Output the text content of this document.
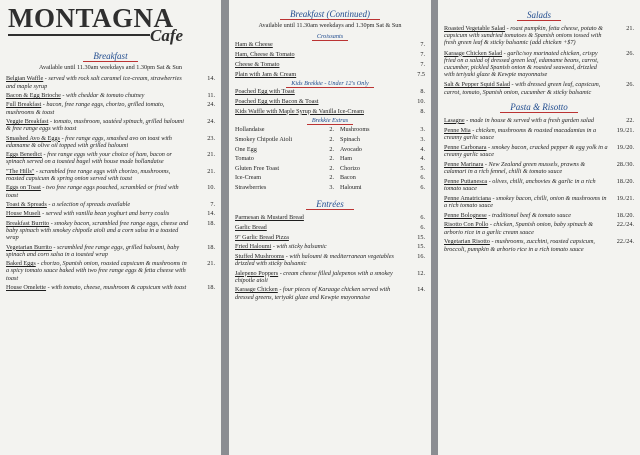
MONTAGNA
Cafe
Breakfast
Available until 11.30am weekdays and 1.30pm Sat & Sun
Belgian Waffle - served with rock salt caramel ice-cream, strawberries and maple syrup
14.
Bacon & Egg Brioche - with cheddar & tomato chutney	11.
Full Breakfast - bacon, free range eggs, chorizo, grilled tomato, mushrooms & toast
24.
Veggie Breakfast - tomato, mushroom, sautéed spinach, grilled haloumi & free range eggs with toast
24.
Smashed Avo & Eggs - free range eggs, smashed avo on toast with edamame & olive oil topped with grilled haloumi
23.
Eggs Benedict - free range eggs with your choice of ham, bacon or spinach served on a toasted bagel with house made hollandaise
21.
"The Hills" - scrambled free range eggs with chorizo, mushrooms, roasted capsicum & spring onion served with toast
21.
Eggs on Toast - two free range eggs poached, scrambled or fried with toast
10.
Toast & Spreads - a selection of spreads available	7.
House Museli - served with vanilla bean yoghurt and berry coulis	14.
Breakfast Burrito - smokey bacon, scrambled free range eggs, cheese and baby spinach with smokey chipotle aioli and a corn salsa in a toasted wrap
18.
Vegetarian Burrito - scrambled free range eggs, grilled haloumi, baby spinach and corn salsa in a toasted wrap
18.
Baked Eggs - chorizo, Spanish onion, roasted capsicum & mushrooms in a spicy tomato sauce baked with two free range eggs & fetta cheese with toast
21.
House Omelette - with tomato, cheese, mushroom & capsicum with toast	18.
Breakfast (Continued)
Available until 11.30am weekdays and 1.30pm Sat & Sun
Croissants
Ham & Cheese	7.
Ham, Cheese & Tomato	7.
Cheese & Tomato	7.
Plain with Jam & Cream	7.5
Kids Brekkie - Under 12's Only
Poached Egg with Toast	8.
Poached Egg with Bacon & Toast	10.
Kids Waffle with Maple Syrup & Vanilla Ice-Cream	8.
Brekkie Extras
Hollandaise	2. Mushrooms	3.
Smokey Chipotle Aioli	2. Spinach	3.
One Egg	2. Avocado	4.
Tomato	2. Ham	4.
Gluten Free Toast	2. Chorizo	5.
Ice-Cream	2. Bacon	6.
Strawberries	3. Haloumi	6.
Entrées
Parmesan & Mustard Bread	6.
Garlic Bread	6.
9" Garlic Bread Pizza	15.
Fried Haloumi - with sticky balsamic	15.
Stuffed Mushrooms - with haloumi & mediterranean vegetables drizzled with sticky balsamic
16.
Jalepeno Poppers - cream cheese filled jalepenos with a smokey chipotle aioli
12.
Karaage Chicken - four pieces of Karaage chicken served with dressed greens, teriyaki glaze and Kewpie mayonnaise
14.
Salads
Roasted Vegetable Salad - roast pumpkin, fetta cheese, potato & capsicum with sundried tomatoes & Spanish onions tossed with fresh green leaf & sticky balsamic (add chicken +$7)
21.
Karaage Chicken Salad - garlic/soy marinated chicken, crispy fried on a salad of dressed green leaf, edamame beans, carrot, cucumber, pickled Spanish onion & roasted seaweed, drizzled with teriyaki glaze & Kewpie mayonnaise
26.
Salt & Pepper Squid Salad - with dressed green leaf, capsicum, carrot, tomato, Spanish onion, cucumber & sticky balsamic
26.
Pasta & Risotto
Lasagne - made in house & served with a fresh garden salad	22.
Penne Mia - chicken, mushrooms & roasted macadamias in a creamy garlic sauce
19./21.
Penne Carbonara - smokey bacon, cracked pepper & egg yolk in a creamy garlic sauce
19./20.
Penne Marinara - New Zealand green mussels, prawns & calamari in a rich fennel, chilli & tomato sauce
28./30.
Penne Puttanesca - olives, chilli, anchovies & garlic in a rich tomato sauce
18./20.
Penne Amatriciana - smokey bacon, chilli, onion & mushrooms in a rich tomato sauce
19./21.
Penne Bolognese - traditional beef & tomato sauce	18./20.
Risotto Con Pollo - chicken, Spanish onion, baby spinach & arborio rice in a garlic cream sauce
22./24.
Vegetarian Risotto - mushrooms, zucchini, roasted capsicum, broccoli, pumpkin & arborio rice in a rich tomato sauce
22./24.
